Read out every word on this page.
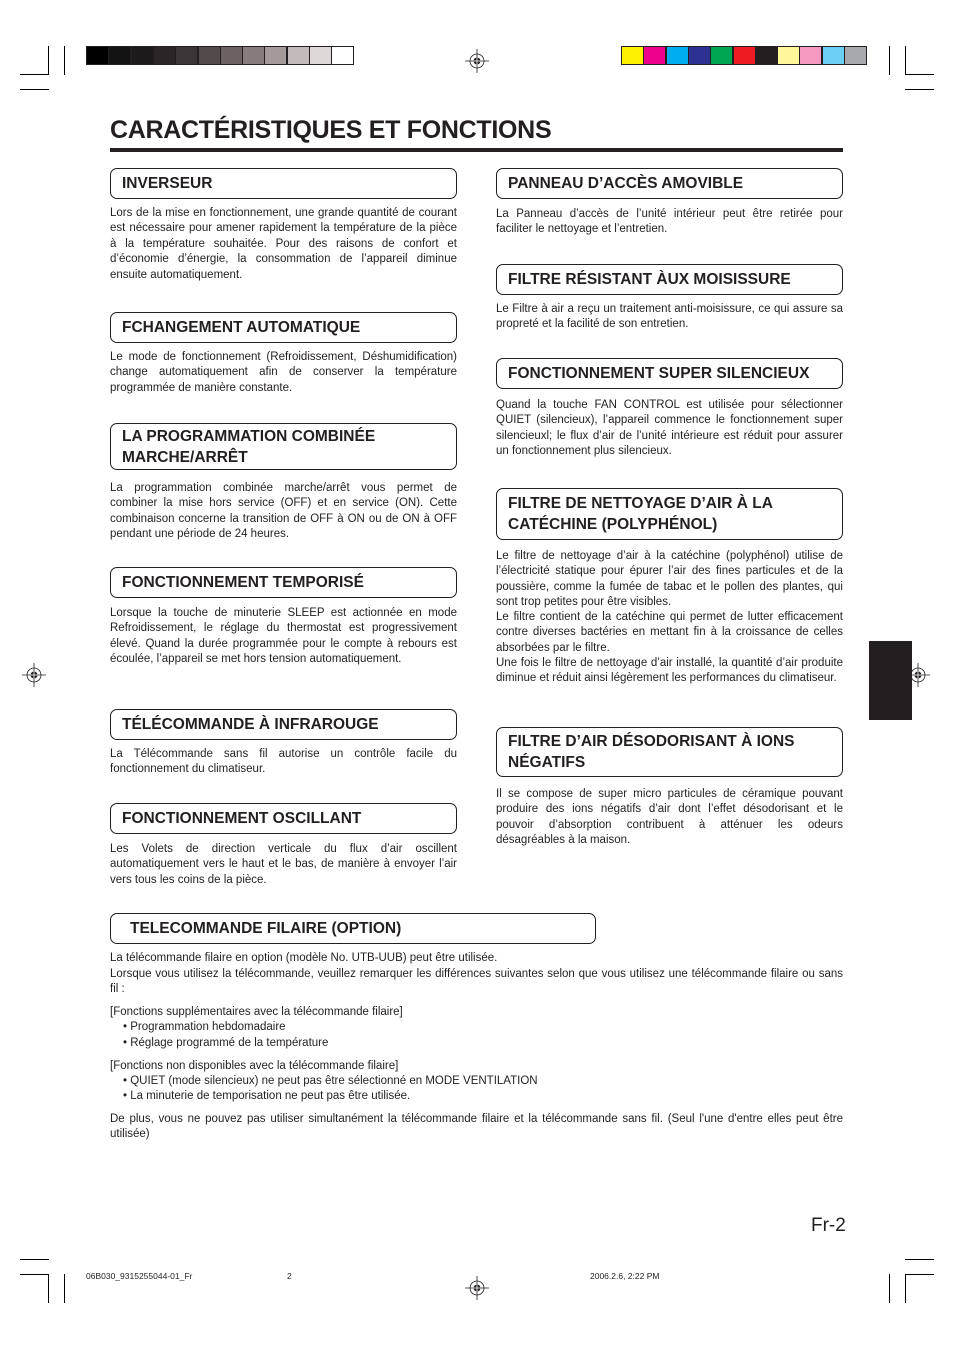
CARACTÉRISTIQUES ET FONCTIONS
INVERSEUR
Lors de la mise en fonctionnement, une grande quantité de courant est nécessaire pour amener rapidement la température de la pièce à la température souhaitée. Pour des raisons de confort et d’économie d’énergie, la consommation de l’appareil diminue ensuite automatiquement.
FCHANGEMENT AUTOMATIQUE
Le mode de fonctionnement (Refroidissement, Déshumidification) change automatiquement afin de conserver la température programmée de manière constante.
LA PROGRAMMATION COMBINÉE MARCHE/ARRÊT
La programmation combinée marche/arrêt vous permet de combiner la mise hors service (OFF) et en service (ON). Cette combinaison concerne la transition de OFF à ON ou de ON à OFF pendant une période de 24 heures.
FONCTIONNEMENT TEMPORISÉ
Lorsque la touche de minuterie SLEEP est actionnée en mode Refroidissement, le réglage du thermostat est progressivement élevé. Quand la durée programmée pour le compte à rebours est écoulée, l’appareil se met hors tension automatiquement.
TÉLÉCOMMANDE À INFRAROUGE
La Télécommande sans fil autorise un contrôle facile du fonctionnement du climatiseur.
FONCTIONNEMENT OSCILLANT
Les Volets de direction verticale du flux d’air oscillent automatiquement vers le haut et le bas, de manière à envoyer l’air vers tous les coins de la pièce.
PANNEAU D’ACCÈS AMOVIBLE
La Panneau d’accès de l’unité intérieur peut être retirée pour faciliter le nettoyage et l’entretien.
FILTRE RÉSISTANT ÀUX MOISISSURE
Le Filtre à air a reçu un traitement anti-moisissure, ce qui assure sa propreté et la facilité de son entretien.
FONCTIONNEMENT SUPER SILENCIEUX
Quand la touche FAN CONTROL est utilisée pour sélectionner QUIET (silencieux), l’appareil commence le fonctionnement super silencieuxl; le flux d’air de l’unité intérieure est réduit pour assurer un fonctionnement plus silencieux.
FILTRE DE NETTOYAGE D’AIR À LA CATÉCHINE (POLYPHÉNOL)
Le filtre de nettoyage d’air à la catéchine (polyphénol) utilise de l’électricité statique pour épurer l’air des fines particules et de la poussière, comme la fumée de tabac et le pollen des plantes, qui sont trop petites pour être visibles.
Le filtre contient de la catéchine qui permet de lutter efficacement contre diverses bactéries en mettant fin à la croissance de celles absorbées par le filtre.
Une fois le filtre de nettoyage d’air installé, la quantité d’air produite diminue et réduit ainsi légèrement les performances du climatiseur.
FILTRE D’AIR DÉSODORISANT À IONS NÉGATIFS
Il se compose de super micro particules de céramique pouvant produire des ions négatifs d’air dont l’effet désodorisant et le pouvoir d’absorption contribuent à atténuer les odeurs désagréables à la maison.
TELECOMMANDE FILAIRE (OPTION)
La télécommande filaire en option (modèle No. UTB-UUB) peut être utilisée.
Lorsque vous utilisez la télécommande, veuillez remarquer les différences suivantes selon que vous utilisez une télécommande filaire ou sans fil :
[Fonctions supplémentaires avec la télécommande filaire]
• Programmation hebdomadaire
• Réglage programmé de la température
[Fonctions non disponibles avec la télécommande filaire]
• QUIET (mode silencieux) ne peut pas être sélectionné en MODE VENTILATION
• La minuterie de temporisation ne peut pas être utilisée.
De plus, vous ne pouvez pas utiliser simultanément la télécommande filaire et la télécommande sans fil. (Seul l'une d'entre elles peut être utilisée)
Fr-2
06B030_9315255044-01_Fr	2	2006.2.6, 2:22 PM
